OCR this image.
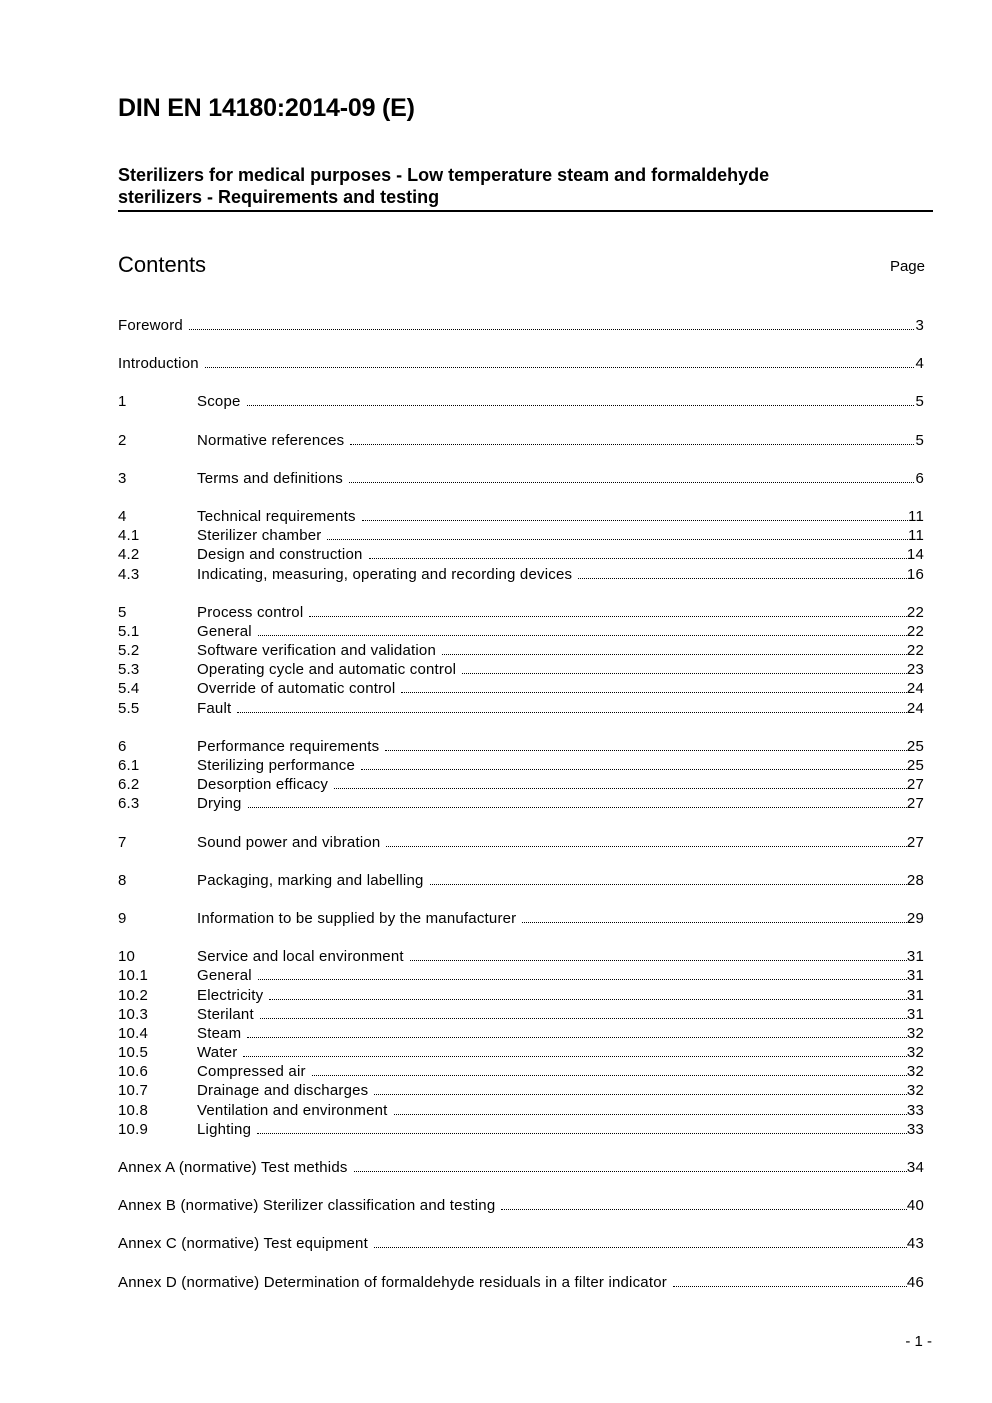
DIN EN 14180:2014-09 (E)
Sterilizers for medical purposes - Low temperature steam and formaldehyde
sterilizers - Requirements and testing
Contents	Page
Foreword	3
Introduction	4
1	Scope	5
2	Normative references	5
3	Terms and definitions	6
4	Technical requirements	11
4.1	Sterilizer chamber	11
4.2	Design and construction	14
4.3	Indicating, measuring, operating and recording devices	16
5	Process control	22
5.1	General	22
5.2	Software verification and validation	22
5.3	Operating cycle and automatic control	23
5.4	Override of automatic control	24
5.5	Fault	24
6	Performance requirements	25
6.1	Sterilizing performance	25
6.2	Desorption efficacy	27
6.3	Drying	27
7	Sound power and vibration	27
8	Packaging, marking and labelling	28
9	Information to be supplied by the manufacturer	29
10	Service and local environment	31
10.1	General	31
10.2	Electricity	31
10.3	Sterilant	31
10.4	Steam	32
10.5	Water	32
10.6	Compressed air	32
10.7	Drainage and discharges	32
10.8	Ventilation and environment	33
10.9	Lighting	33
Annex A (normative) Test methids	34
Annex B (normative) Sterilizer classification and testing	40
Annex C (normative) Test equipment	43
Annex D (normative) Determination of formaldehyde residuals in a filter indicator	46
- 1 -
